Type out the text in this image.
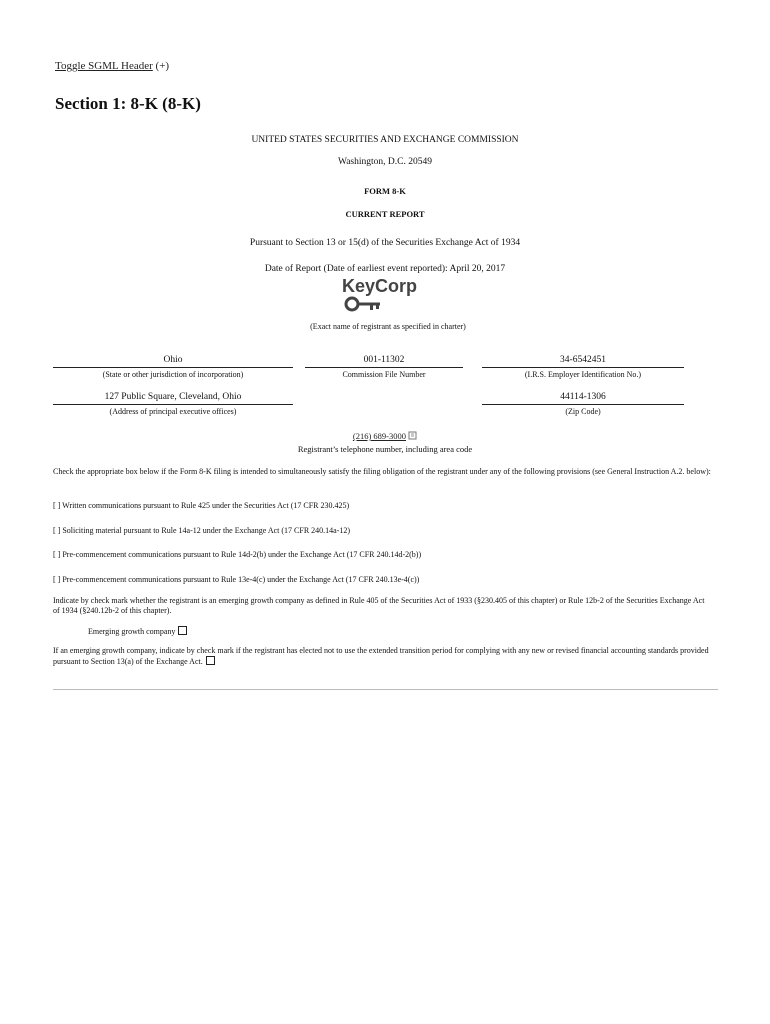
Toggle SGML Header (+)
Section 1: 8-K (8-K)
UNITED STATES SECURITIES AND EXCHANGE COMMISSION
Washington, D.C. 20549
FORM 8-K
CURRENT REPORT
Pursuant to Section 13 or 15(d) of the Securities Exchange Act of 1934
Date of Report (Date of earliest event reported): April 20, 2017
KeyCorp
(Exact name of registrant as specified in charter)
Ohio
(State or other jurisdiction of incorporation)
001-11302
Commission File Number
34-6542451
(I.R.S. Employer Identification No.)
127 Public Square, Cleveland, Ohio
(Address of principal executive offices)
44114-1306
(Zip Code)
(216) 689-3000
Registrant’s telephone number, including area code
Check the appropriate box below if the Form 8-K filing is intended to simultaneously satisfy the filing obligation of the registrant under any of the following provisions (see General Instruction A.2. below):
[ ] Written communications pursuant to Rule 425 under the Securities Act (17 CFR 230.425)
[ ] Soliciting material pursuant to Rule 14a-12 under the Exchange Act (17 CFR 240.14a-12)
[ ] Pre-commencement communications pursuant to Rule 14d-2(b) under the Exchange Act (17 CFR 240.14d-2(b))
[ ] Pre-commencement communications pursuant to Rule 13e-4(c) under the Exchange Act (17 CFR 240.13e-4(c))
Indicate by check mark whether the registrant is an emerging growth company as defined in Rule 405 of the Securities Act of 1933 (§230.405 of this chapter) or Rule 12b-2 of the Securities Exchange Act of 1934 (§240.12b-2 of this chapter).
Emerging growth company
If an emerging growth company, indicate by check mark if the registrant has elected not to use the extended transition period for complying with any new or revised financial accounting standards provided pursuant to Section 13(a) of the Exchange Act.
